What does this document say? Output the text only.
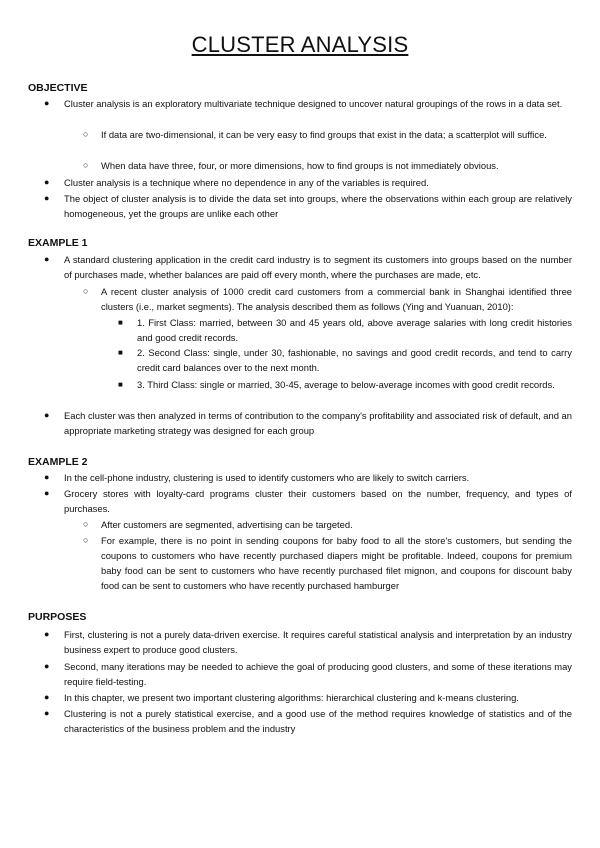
CLUSTER ANALYSIS
OBJECTIVE
● Cluster analysis is an exploratory multivariate technique designed to uncover natural groupings of the rows in a data set.

○ If data are two-dimensional, it can be very easy to find groups that exist in the data; a scatterplot will suffice.

○ When data have three, four, or more dimensions, how to find groups is not immediately obvious.

● Cluster analysis is a technique where no dependence in any of the variables is required.

● The object of cluster analysis is to divide the data set into groups, where the observations within each group are relatively homogeneous, yet the groups are unlike each other

EXAMPLE 1
● A standard clustering application in the credit card industry is to segment its customers into groups based on the number of purchases made, whether balances are paid off every month, where the purchases are made, etc.

○ A recent cluster analysis of 1000 credit card customers from a commercial bank in Shanghai identified three clusters (i.e., market segments). The analysis described them as follows (Ying and Yuanuan, 2010):

■ 1. First Class: married, between 30 and 45 years old, above average salaries with long credit histories and good credit records.

■ 2. Second Class: single, under 30, fashionable, no savings and good credit records, and tend to carry credit card balances over to the next month.

■ 3. Third Class: single or married, 30-45, average to below-average incomes with good credit records.

● Each cluster was then analyzed in terms of contribution to the company's profitability and associated risk of default, and an appropriate marketing strategy was designed for each group

EXAMPLE 2
● In the cell-phone industry, clustering is used to identify customers who are likely to switch carriers.

● Grocery stores with loyalty-card programs cluster their customers based on the number, frequency, and types of purchases.

○ After customers are segmented, advertising can be targeted.

○ For example, there is no point in sending coupons for baby food to all the store's customers, but sending the coupons to customers who have recently purchased diapers might be profitable. Indeed, coupons for premium baby food can be sent to customers who have recently purchased filet mignon, and coupons for discount baby food can be sent to customers who have recently purchased hamburger

PURPOSES
● First, clustering is not a purely data-driven exercise. It requires careful statistical analysis and interpretation by an industry business expert to produce good clusters.

● Second, many iterations may be needed to achieve the goal of producing good clusters, and some of these iterations may require field-testing.

● In this chapter, we present two important clustering algorithms: hierarchical clustering and k-means clustering.

● Clustering is not a purely statistical exercise, and a good use of the method requires knowledge of statistics and of the characteristics of the business problem and the industry
